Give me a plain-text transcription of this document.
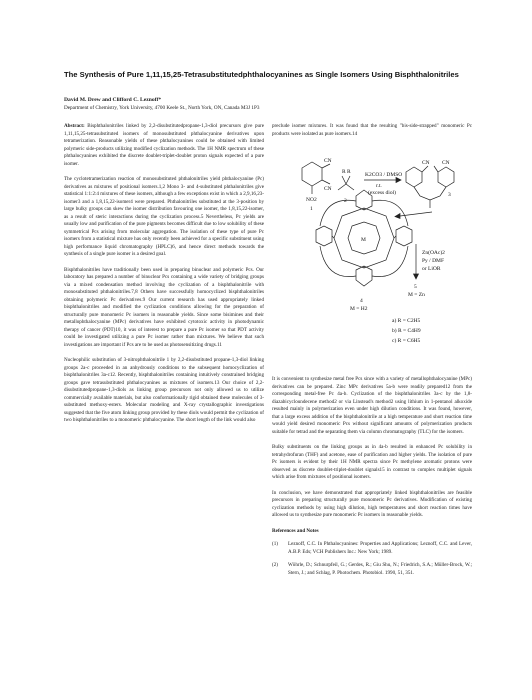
The Synthesis of Pure 1,11,15,25-Tetrasubstitutedphthalocyanines as Single Isomers Using Bisphthalonitriles
David M. Drew and Clifford C. Leznoff*
Department of Chemistry, York University, 4700 Keele St., North York, ON, Canada M3J 1P3

Abstract: Bisphthalonitriles linked by 2,2-disubstitutedpropane-1,3-diol precursors give pure 1,11,15,25-tetrasubstituted isomers of monosubstituted phthalocyanine derivatives upon tetramerization. Reasonable yields of these phthalocyanines could be obtained with limited polymeric side-products utilizing modified cyclization methods. The 1H NMR spectrum of these phthalocyanines exhibited the discrete doublet-triplet-doublet proton signals expected of a pure isomer.

The cyclotetramerization reaction of monosubstituted phthalonitriles yield phthalocyanine (Pc) derivatives as mixtures of positional isomers.1,2 Mono 3- and 4-substituted phthalonitriles give statistical 1:1:2:4 mixtures of these isomers, although a few exceptions exist in which a 2,9,16,23-isomer3 and a 1,8,15,22-isomer4 were prepared. Phthalonitriles substituted at the 3-position by large bulky groups can skew the isomer distribution favouring one isomer, the 1,8,15,22-isomer, as a result of steric interactions during the cyclization process.5 Nevertheless, Pc yields are usually low and purification of the pure pigments becomes difficult due to low solubility of these symmetrical Pcs arising from molecular aggregation. The isolation of these type of pure Pc isomers from a statistical mixture has only recently been achieved for a specific substituent using high performance liquid chromatography (HPLC)6, and hence direct methods towards the synthesis of a single pure isomer is a desired goal.

Bisphthalonitriles have traditionally been used in preparing binuclear and polymeric Pcs. Our laboratory has prepared a number of binuclear Pcs containing a wide variety of bridging groups via a mixed condensation method involving the cyclization of a bisphthalonitrile with monosubstituted phthalonitriles.7,8 Others have successfully homocyclized bisphthalonitriles obtaining polymeric Pc derivatives.9 Our current research has used appropriately linked bisphthalonitriles and modified the cyclization conditions allowing for the preparation of structurally pure monomeric Pc isomers in reasonable yields. Since some bisimines and their metallophthalocyanine (MPc) derivatives have exhibited cytotoxic activity in photodynamic therapy of cancer (PDT)10, it was of interest to prepare a pure Pc isomer so that PDT activity could be investigated utilizing a pure Pc isomer rather than mixtures. We believe that such investigations are important if Pcs are to be used as photosensitizing drugs.11

Nucleophilic substitution of 3-nitrophthalonitrile 1 by 2,2-disubstituted propane-1,3-diol linking groups 2a-c proceeded in an anhydrously conditions to the subsequent homocyclization of bisphthalonitriles 3a-c12. Recently, bisphthalonitriles containing intuitively constrained bridging groups gave tetrasubstituted phthalocyanines as mixtures of isomers.13 Our choice of 2,2-disubstitutedpropane-1,3-diols as linking group precursors not only allowed us to utilize commercially available materials, but also conformationally rigid obtained these molecules of 3-substituted methoxy-esters. Molecular modeling and X-ray crystallographic investigations suggested that the five atom linking group provided by these diols would permit the cyclization of two bisphthalonitriles to a monomeric phthalocyanine. The short length of the link would also

preclude isomer mixtures. It was found that the resulting "bis-side-strapped" monomeric Pc products were isolated as pure isomers.14

CN
CN
NO2
1
2
R R	K2CO3 / DMSO
r.t.
(excess diol)
CN CN
3
M
Zn(OAc)2
Py / DMF
or LiOR
4
M = H2
5
M = Zn
a) R = C2H5
b) R = C4H9
c) R = C6H5

It is convenient to synthesize metal free Pcs since with a variety of metallophthalocyanine (MPc) derivatives can be prepared. Zinc MPc derivatives 5a-b were readily prepared12 from the corresponding metal-free Pc 4a-b. Cyclization of the bisphthalonitriles 3a-c by the 1,8-diazabicycloundecene method2 or via Linstead's method2 using lithium in 1-pentanol alkoxide resulted mainly in polymerization even under high dilution conditions. It was found, however, that a large excess addition of the bisphthalonitrile at a high temperature and short reaction time would yield desired monomeric Pcs without significant amounts of polymerization products suitable for tetrad and the separating them via column chromatography (TLC) for the isomers.

Bulky substituents on the linking groups as in 4a-b resulted in enhanced Pc solubility in tetrahydrofuran (THF) and acetone, ease of purification and higher yields. The isolation of pure Pc isomers is evident by their 1H NMR spectra since Pc methylene aromatic protons were observed as discrete doublet-triplet-doublet signals15 in contrast to complex multiplet signals which arise from mixtures of positional isomers.

In conclusion, we have demonstrated that appropriately linked bisphthalonitriles are feasible precursors in preparing structurally pure monomeric Pc derivatives. Modification of existing cyclization methods by using high dilution, high temperatures and short reaction times have allowed us to synthesize pure monomeric Pc isomers in reasonable yields.

References and Notes
(1)	Leznoff, C.C. In Phthalocyanines: Properties and Applications; Leznoff, C.C. and Lever, A.B.P. Eds; VCH Publishers Inc.: New York; 1989.
(2)	Wöhrle, D.; Schnurpfeil, G.; Gerdes, R.; Giu Shu, N.; Friedrich, S.A.; Müller-Brock, W.; Stern, J.; and Schlag, P. Photochem. Photobiol. 1990, 51, 351.
